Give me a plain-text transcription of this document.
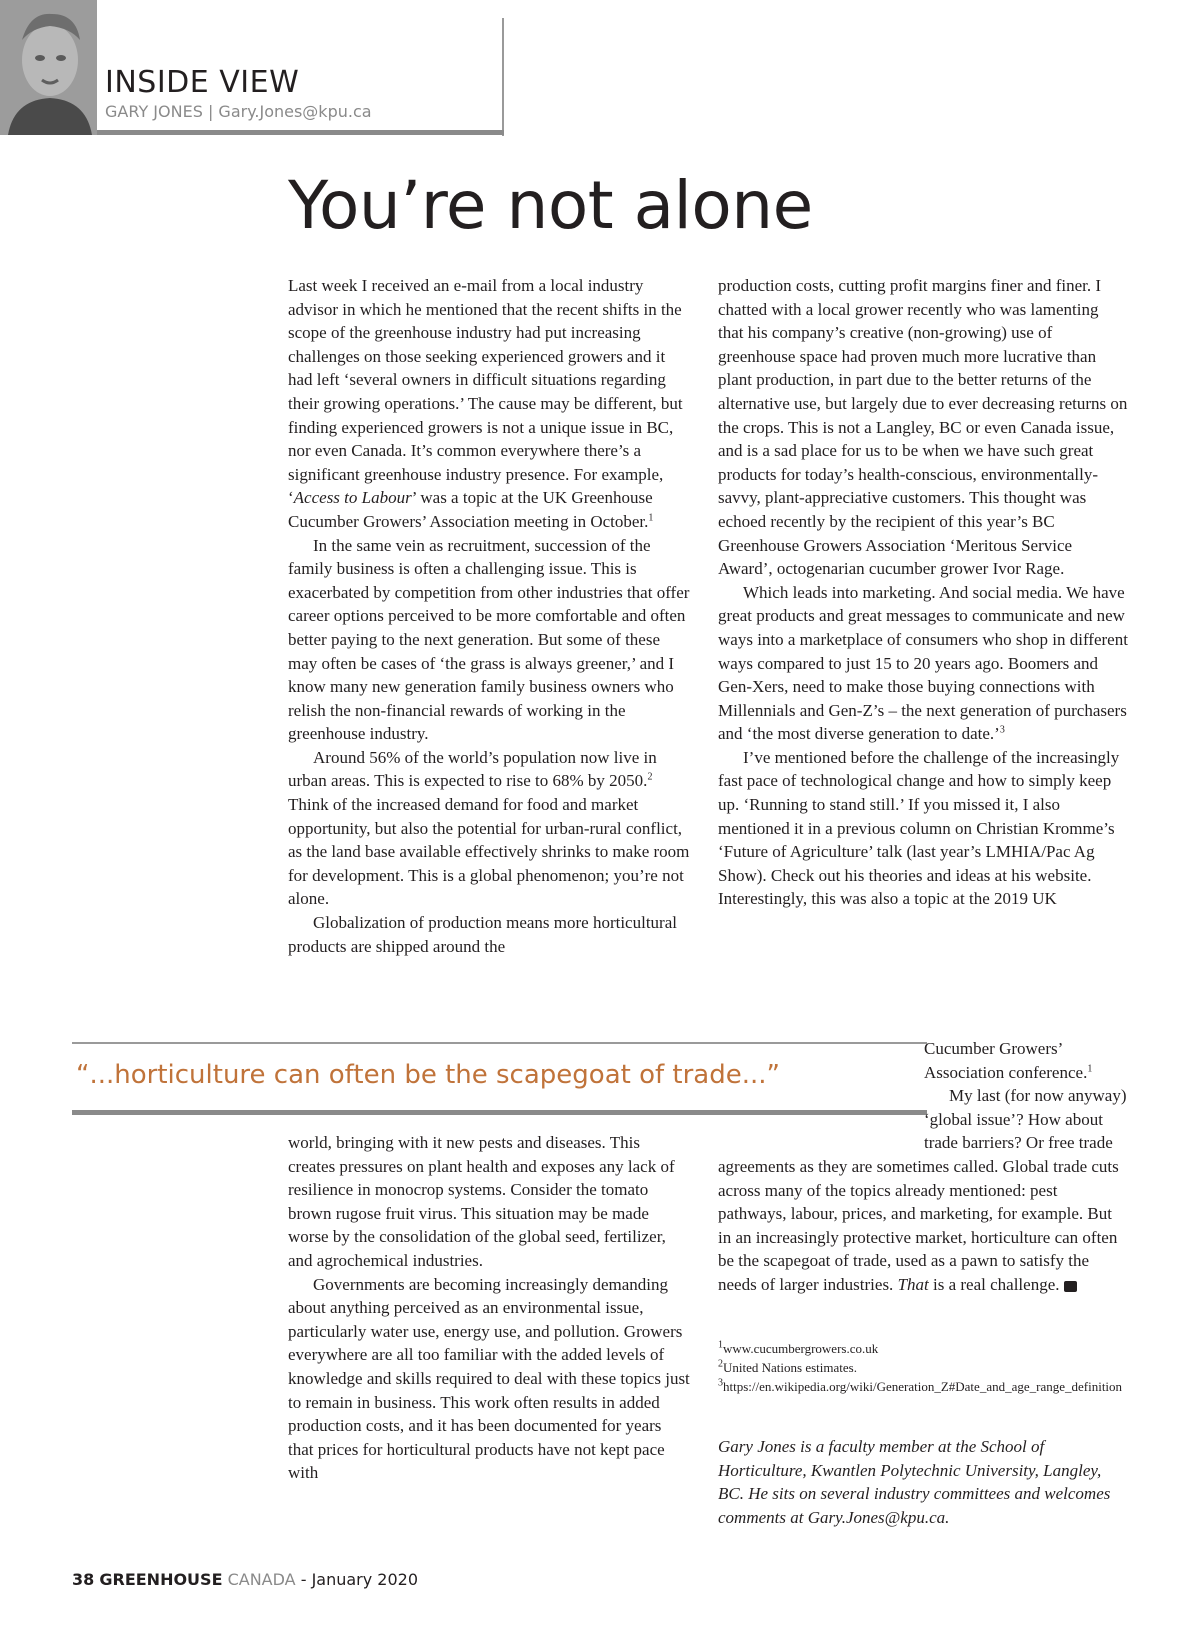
INSIDE VIEW
GARY JONES | Gary.Jones@kpu.ca
You’re not alone

Last week I received an e-mail from a local industry advisor in which he mentioned that the recent shifts in the scope of the greenhouse industry had put increasing challenges on those seeking experienced growers and it had left ‘several owners in difficult situations regarding their growing operations.’ The cause may be different, but finding experienced growers is not a unique issue in BC, nor even Canada. It’s common everywhere there’s a significant greenhouse industry presence. For example, ‘Access to Labour’ was a topic at the UK Greenhouse Cucumber Growers’ Association meeting in October.$^1$

In the same vein as recruitment, succession of the family business is often a challenging issue. This is exacerbated by competition from other industries that offer career options perceived to be more comfortable and often better paying to the next generation. But some of these may often be cases of ‘the grass is always greener,’ and I know many new generation family business owners who relish the non-financial rewards of working in the greenhouse industry.

Around 56% of the world’s population now live in urban areas. This is expected to rise to 68% by 2050.$^2$ Think of the increased demand for food and market opportunity, but also the potential for urban-rural conflict, as the land base available effectively shrinks to make room for development. This is a global phenomenon; you’re not alone.

Globalization of production means more horticultural products are shipped around the

production costs, cutting profit margins finer and finer. I chatted with a local grower recently who was lamenting that his company’s creative (non-growing) use of greenhouse space had proven much more lucrative than plant production, in part due to the better returns of the alternative use, but largely due to ever decreasing returns on the crops. This is not a Langley, BC or even Canada issue, and is a sad place for us to be when we have such great products for today’s health-conscious, environmentally-savvy, plant-appreciative customers. This thought was echoed recently by the recipient of this year’s BC Greenhouse Growers Association ‘Meritous Service Award’, octogenarian cucumber grower Ivor Rage.

Which leads into marketing. And social media. We have great products and great messages to communicate and new ways into a marketplace of consumers who shop in different ways compared to just 15 to 20 years ago. Boomers and Gen-Xers, need to make those buying connections with Millennials and Gen-Z’s – the next generation of purchasers and ‘the most diverse generation to date.’$^3$

I’ve mentioned before the challenge of the increasingly fast pace of technological change and how to simply keep up. ‘Running to stand still.’ If you missed it, I also mentioned it in a previous column on Christian Kromme’s ‘Future of Agriculture’ talk (last year’s LMHIA/Pac Ag Show). Check out his theories and ideas at his website. Interestingly, this was also a topic at the 2019 UK

“...horticulture can often be the scapegoat of trade...”

world, bringing with it new pests and diseases. This creates pressures on plant health and exposes any lack of resilience in monocrop systems. Consider the tomato brown rugose fruit virus. This situation may be made worse by the consolidation of the global seed, fertilizer, and agrochemical industries.

Governments are becoming increasingly demanding about anything perceived as an environmental issue, particularly water use, energy use, and pollution. Growers everywhere are all too familiar with the added levels of knowledge and skills required to deal with these topics just to remain in business. This work often results in added production costs, and it has been documented for years that prices for horticultural products have not kept pace with

Cucumber Growers’ Association conference.$^1$

My last (for now anyway) ‘global issue’? How about trade barriers? Or free trade agreements as they are sometimes called. Global trade cuts across many of the topics already mentioned: pest pathways, labour, prices, and marketing, for example. But in an increasingly protective market, horticulture can often be the scapegoat of trade, used as a pawn to satisfy the needs of larger industries. That is a real challenge.	GC

$^1$www.cucumbergrowers.co.uk
$^2$United Nations estimates.
$^3$https://en.wikipedia.org/wiki/Generation_Z#Date_and_age_range_definition
Gary Jones is a faculty member at the School of Horticulture, Kwantlen Polytechnic University, Langley, BC. He sits on several industry committees and welcomes comments at Gary.Jones@kpu.ca.
38 GREENHOUSE CANADA - January 2020
